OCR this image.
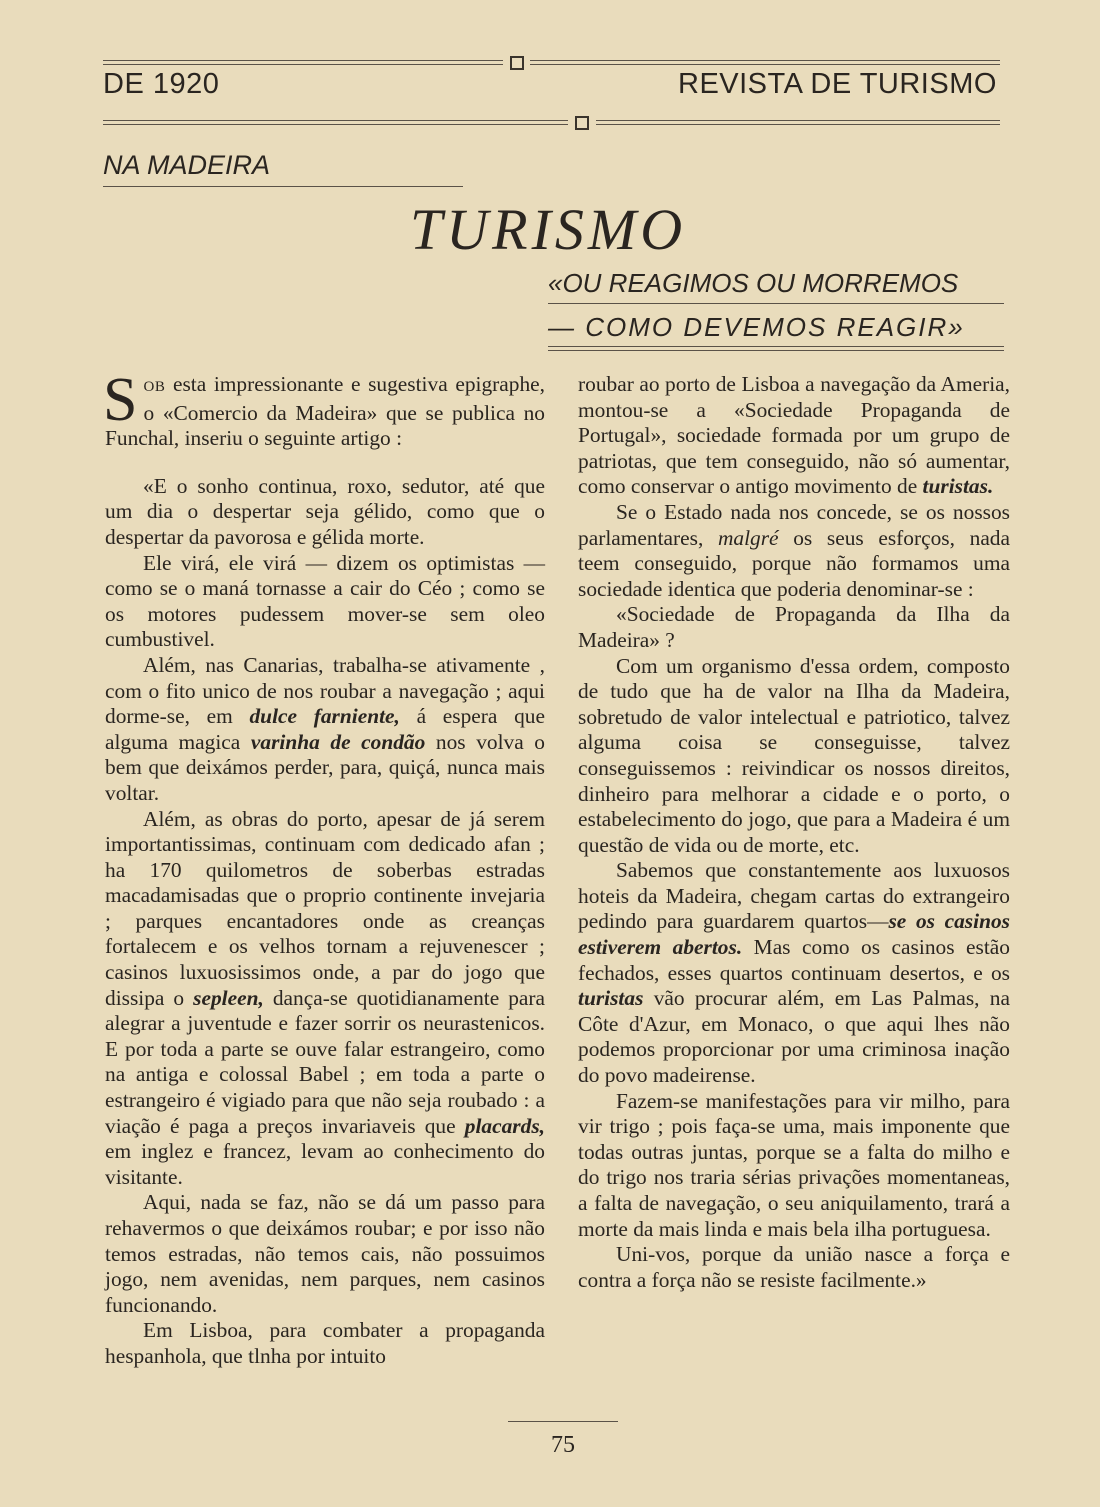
DE 1920	REVISTA DE TURISMO
NA MADEIRA
TURISMO
«OU REAGIMOS OU MORREMOS
— COMO DEVEMOS REAGIR»

SOB esta impressionante e sugestiva epigraphe, o «Comercio da Madeira» que se publica no Funchal, inseriu o seguinte artigo :

«E o sonho continua, roxo, sedutor, até que um dia o despertar seja gélido, como que o despertar da pavorosa e gélida morte.

Ele virá, ele virá — dizem os optimistas — como se o maná tornasse a cair do Céo ; como se os motores pudessem mover-se sem oleo cumbustivel.

Além, nas Canarias, trabalha-se ativamente , com o fito unico de nos roubar a navegação ; aqui dorme-se, em dulce farniente, á espera que alguma magica varinha de condão nos volva o bem que deixámos perder, para, quiçá, nunca mais voltar.

Além, as obras do porto, apesar de já serem importantissimas, continuam com dedicado afan ; ha 170 quilometros de soberbas estradas macadamisadas que o proprio continente invejaria ; parques encantadores onde as creanças fortalecem e os velhos tornam a rejuvenescer ; casinos luxuosissimos onde, a par do jogo que dissipa o sepleen, dança-se quotidianamente para alegrar a juventude e fazer sorrir os neurastenicos. E por toda a parte se ouve falar estrangeiro, como na antiga e colossal Babel ; em toda a parte o estrangeiro é vigiado para que não seja roubado : a viação é paga a preços invariaveis que placards, em inglez e francez, levam ao conhecimento do visitante.

Aqui, nada se faz, não se dá um passo para rehavermos o que deixámos roubar; e por isso não temos estradas, não temos cais, não possuimos jogo, nem avenidas, nem parques, nem casinos funcionando.

Em Lisboa, para combater a propaganda hespanhola, que tlnha por intuito

roubar ao porto de Lisboa a navegação da Ameria, montou-se a «Sociedade Propaganda de Portugal», sociedade formada por um grupo de patriotas, que tem conseguido, não só aumentar, como conservar o antigo movimento de turistas.

Se o Estado nada nos concede, se os nossos parlamentares, malgré os seus esforços, nada teem conseguido, porque não formamos uma sociedade identica que poderia denominar-se :

«Sociedade de Propaganda da Ilha da Madeira» ?

Com um organismo d'essa ordem, composto de tudo que ha de valor na Ilha da Madeira, sobretudo de valor intelectual e patriotico, talvez alguma coisa se conseguisse, talvez conseguissemos : reivindicar os nossos direitos, dinheiro para melhorar a cidade e o porto, o estabelecimento do jogo, que para a Madeira é um questão de vida ou de morte, etc.

Sabemos que constantemente aos luxuosos hoteis da Madeira, chegam cartas do extrangeiro pedindo para guardarem quartos—se os casinos estiverem abertos. Mas como os casinos estão fechados, esses quartos continuam desertos, e os turistas vão procurar além, em Las Palmas, na Côte d'Azur, em Monaco, o que aqui lhes não podemos proporcionar por uma criminosa inação do povo madeirense.

Fazem-se manifestações para vir milho, para vir trigo ; pois faça-se uma, mais imponente que todas outras juntas, porque se a falta do milho e do trigo nos traria sérias privações momentaneas, a falta de navegação, o seu aniquilamento, trará a morte da mais linda e mais bela ilha portuguesa.

Uni-vos, porque da união nasce a força e contra a força não se resiste facilmente.»

75
